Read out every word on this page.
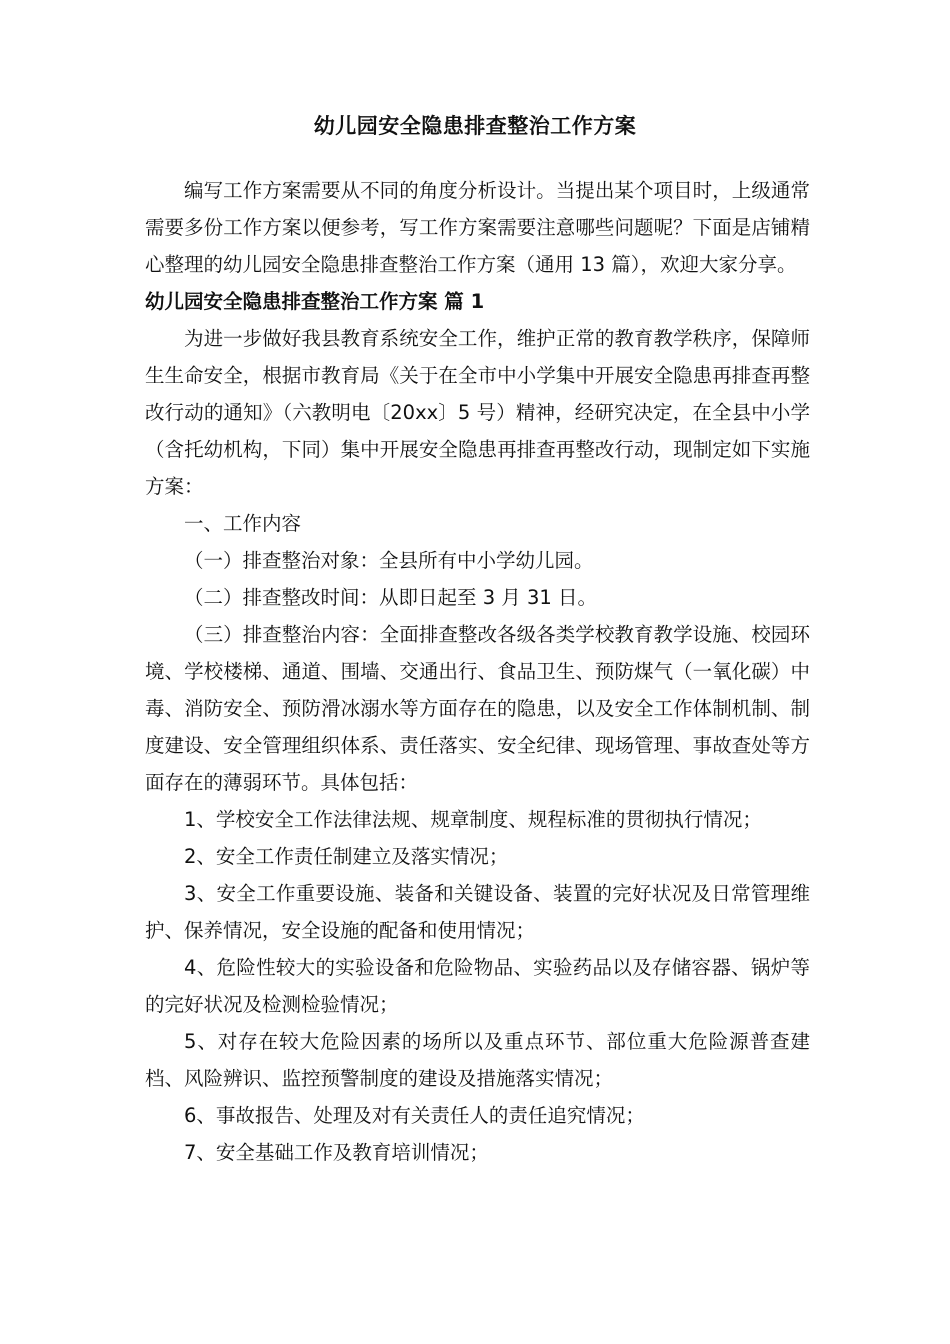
幼儿园安全隐患排查整治工作方案

编写工作方案需要从不同的角度分析设计。当提出某个项目时，上级通常需要多份工作方案以便参考，写工作方案需要注意哪些问题呢？下面是店铺精心整理的幼儿园安全隐患排查整治工作方案（通用 13 篇），欢迎大家分享。

幼儿园安全隐患排查整治工作方案 篇 1

为进一步做好我县教育系统安全工作，维护正常的教育教学秩序，保障师生生命安全，根据市教育局《关于在全市中小学集中开展安全隐患再排查再整改行动的通知》（六教明电〔20xx〕5 号）精神，经研究决定，在全县中小学（含托幼机构，下同）集中开展安全隐患再排查再整改行动，现制定如下实施方案：

一、工作内容

（一）排查整治对象：全县所有中小学幼儿园。

（二）排查整改时间：从即日起至 3 月 31 日。

（三）排查整治内容：全面排查整改各级各类学校教育教学设施、校园环境、学校楼梯、通道、围墙、交通出行、食品卫生、预防煤气（一氧化碳）中毒、消防安全、预防滑冰溺水等方面存在的隐患，以及安全工作体制机制、制度建设、安全管理组织体系、责任落实、安全纪律、现场管理、事故查处等方面存在的薄弱环节。具体包括：

1、学校安全工作法律法规、规章制度、规程标准的贯彻执行情况；

2、安全工作责任制建立及落实情况；

3、安全工作重要设施、装备和关键设备、装置的完好状况及日常管理维护、保养情况，安全设施的配备和使用情况；

4、危险性较大的实验设备和危险物品、实验药品以及存储容器、锅炉等的完好状况及检测检验情况；

5、对存在较大危险因素的场所以及重点环节、部位重大危险源普查建档、风险辨识、监控预警制度的建设及措施落实情况；

6、事故报告、处理及对有关责任人的责任追究情况；

7、安全基础工作及教育培训情况；
